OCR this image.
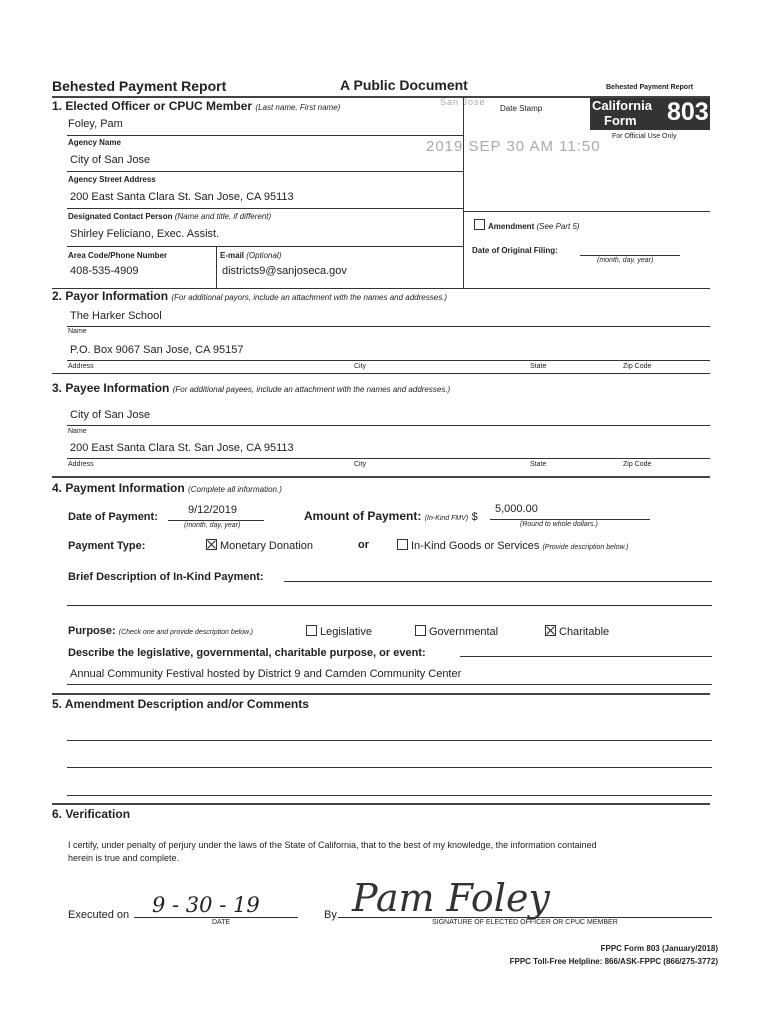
Behested Payment Report	A Public Document	Behested Payment Report
California
Form 803
For Official Use Only
Date Stamp
San Jose
2019 SEP 30 AM 11:50
1. Elected Officer or CPUC Member (Last name, First name)
Foley, Pam
Agency Name
City of San Jose
Agency Street Address
200 East Santa Clara St. San Jose, CA 95113
Designated Contact Person (Name and title, if different)
Shirley Feliciano, Exec. Assist.
Area Code/Phone Number
408-535-4909
E-mail (Optional)
districts9@sanjoseca.gov
Amendment (See Part 5)
Date of Original Filing:
(month, day, year)
2. Payor Information (For additional payors, include an attachment with the names and addresses.)
The Harker School
Name
P.O. Box 9067 San Jose, CA 95157
Address	City	State	Zip Code
3. Payee Information (For additional payees, include an attachment with the names and addresses.)
City of San Jose
Name
200 East Santa Clara St. San Jose, CA 95113
Address	City	State	Zip Code
4. Payment Information (Complete all information.)
Date of Payment:
9/12/2019
(month, day, year)
Amount of Payment: (In-Kind FMV) $
5,000.00
(Round to whole dollars.)
Payment Type:	Monetary Donation	or	In-Kind Goods or Services (Provide description below.)
Brief Description of In-Kind Payment:
Purpose: (Check one and provide description below.)	Legislative	Governmental	Charitable
Describe the legislative, governmental, charitable purpose, or event:
Annual Community Festival hosted by District 9 and Camden Community Center
5. Amendment Description and/or Comments
6. Verification
I certify, under penalty of perjury under the laws of the State of California, that to the best of my knowledge, the information contained
herein is true and complete.
Executed on 9 - 30 - 19
DATE
By Pam Foley
SIGNATURE OF ELECTED OFFICER OR CPUC MEMBER
FPPC Form 803 (January/2018)
FPPC Toll-Free Helpline: 866/ASK-FPPC (866/275-3772)
